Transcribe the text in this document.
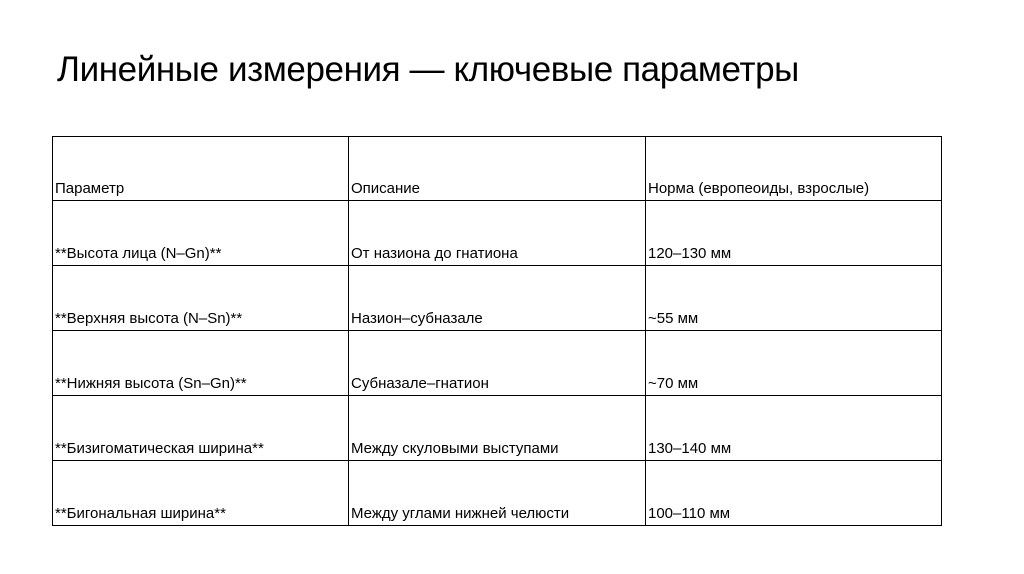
Линейные измерения — ключевые параметры
Параметр	Описание	Норма (европеоиды, взрослые)
**Высота лица (N–Gn)**	От назиона до гнатиона	120–130 мм
**Верхняя высота (N–Sn)**	Назион–субназале	~55 мм
**Нижняя высота (Sn–Gn)**	Субназале–гнатион	~70 мм
**Бизигоматическая ширина**	Между скуловыми выступами	130–140 мм
**Бигональная ширина**	Между углами нижней челюсти	100–110 мм
